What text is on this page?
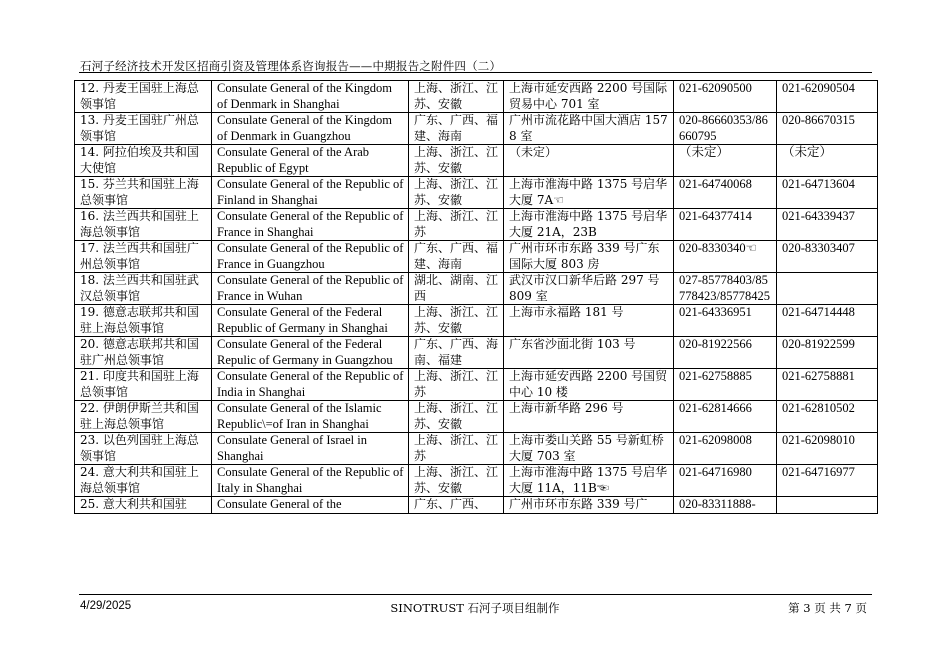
石河子经济技术开发区招商引资及管理体系咨询报告——中期报告之附件四（二）
12. 丹麦王国驻上海总领事馆	Consulate General of the Kingdom of Denmark in Shanghai	上海、浙江、江苏、安徽	上海市延安西路 2200 号国际贸易中心 701 室	021-62090500	021-62090504
13. 丹麦王国驻广州总领事馆	Consulate General of the Kingdom of Denmark in Guangzhou	广东、广西、福建、海南	广州市流花路中国大酒店 1578 室	020-86660353/86660795	020-86670315
14. 阿拉伯埃及共和国大使馆	Consulate General of the Arab Republic of Egypt	上海、浙江、江苏、安徽	（未定）	（未定）	（未定）
15. 芬兰共和国驻上海总领事馆	Consulate General of the Republic of Finland in Shanghai	上海、浙江、江苏、安徽	上海市淮海中路 1375 号启华大厦 7A☜	021-64740068	021-64713604
16. 法兰西共和国驻上海总领事馆	Consulate General of the Republic of France in Shanghai	上海、浙江、江苏	上海市淮海中路 1375 号启华大厦 21A，23B	021-64377414	021-64339437
17. 法兰西共和国驻广州总领事馆	Consulate General of the Republic of France in Guangzhou	广东、广西、福建、海南	广州市环市东路 339 号广东国际大厦 803 房	020-8330340☜	020-83303407
18. 法兰西共和国驻武汉总领事馆	Consulate General of the Republic of France in Wuhan	湖北、湖南、江西	武汉市汉口新华后路 297 号 809 室	027-85778403/85778423/85778425	
19. 德意志联邦共和国驻上海总领事馆	Consulate General of the Federal Republic of Germany in Shanghai	上海、浙江、江苏、安徽	上海市永福路 181 号	021-64336951	021-64714448
20. 德意志联邦共和国驻广州总领事馆	Consulate General of the Federal Repulic of Germany in Guangzhou	广东、广西、海南、福建	广东省沙面北街 103 号	020-81922566	020-81922599
21. 印度共和国驻上海总领事馆	Consulate General of the Republic of India in Shanghai	上海、浙江、江苏	上海市延安西路 2200 号国贸中心 10 楼	021-62758885	021-62758881
22. 伊朗伊斯兰共和国驻上海总领事馆	Consulate General of the Islamic Republic\=of Iran in Shanghai	上海、浙江、江苏、安徽	上海市新华路 296 号	021-62814666	021-62810502
23. 以色列国驻上海总领事馆	Consulate General of Israel in Shanghai	上海、浙江、江苏	上海市娄山关路 55 号新虹桥大厦 703 室	021-62098008	021-62098010
24. 意大利共和国驻上海总领事馆	Consulate General of the Republic of Italy in Shanghai	上海、浙江、江苏、安徽	上海市淮海中路 1375 号启华大厦 11A，11B☜	021-64716980	021-64716977
25. 意大利共和国驻	Consulate General of the	广东、广西、	广州市环市东路 339 号广	020-83311888-	
4/29/2025	SINOTRUST 石河子项目组制作	第 3 页 共 7 页
